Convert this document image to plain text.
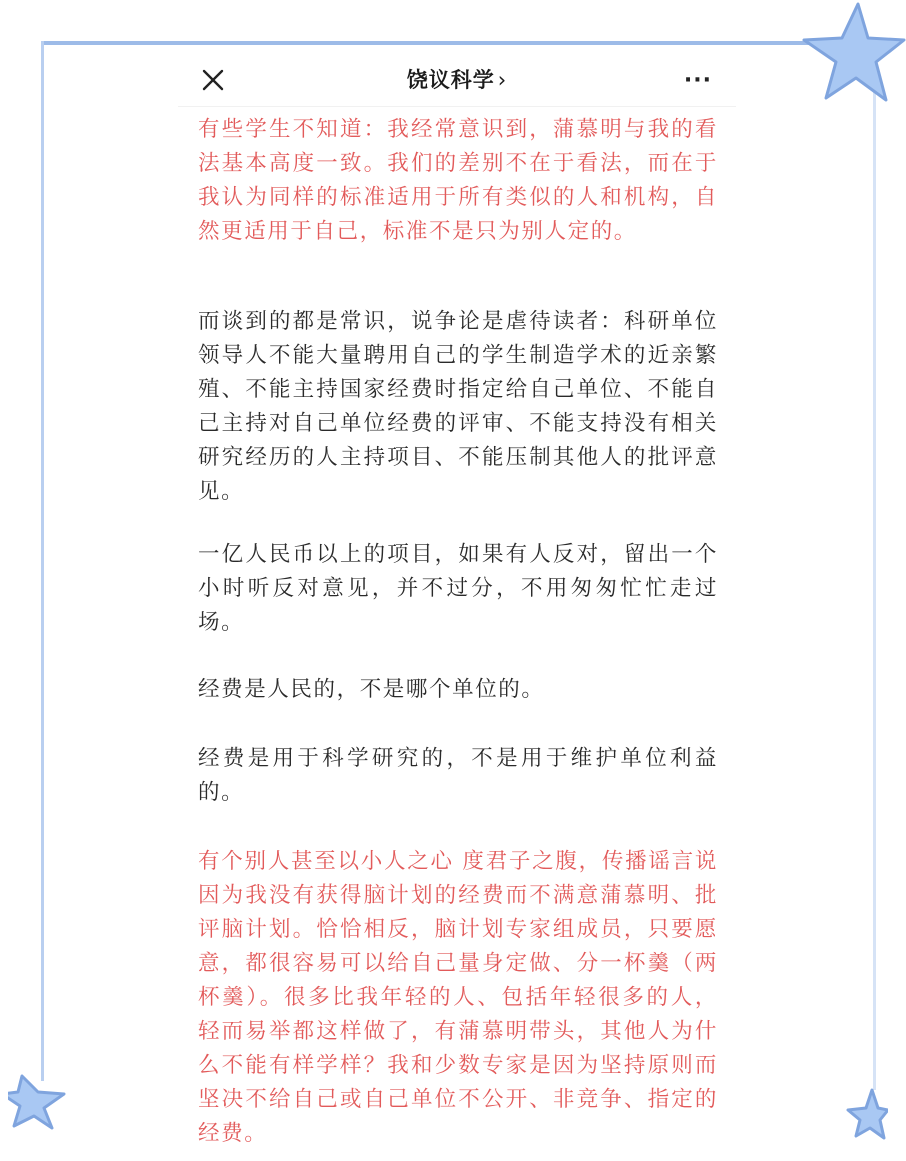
饶议科学 ›	···

有些学生不知道：我经常意识到，蒲慕明与我的看法基本高度一致。我们的差别不在于看法，而在于我认为同样的标准适用于所有类似的人和机构，自然更适用于自己，标准不是只为别人定的。

而谈到的都是常识，说争论是虐待读者：科研单位领导人不能大量聘用自己的学生制造学术的近亲繁殖、不能主持国家经费时指定给自己单位、不能自己主持对自己单位经费的评审、不能支持没有相关研究经历的人主持项目、不能压制其他人的批评意见。

一亿人民币以上的项目，如果有人反对，留出一个小时听反对意见，并不过分，不用匆匆忙忙走过场。

经费是人民的，不是哪个单位的。

经费是用于科学研究的，不是用于维护单位利益的。

有个别人甚至以小人之心 度君子之腹，传播谣言说因为我没有获得脑计划的经费而不满意蒲慕明、批评脑计划。恰恰相反，脑计划专家组成员，只要愿意，都很容易可以给自己量身定做、分一杯羹（两杯羹）。很多比我年轻的人、包括年轻很多的人，轻而易举都这样做了，有蒲慕明带头，其他人为什么不能有样学样？我和少数专家是因为坚持原则而坚决不给自己或自己单位不公开、非竞争、指定的经费。
